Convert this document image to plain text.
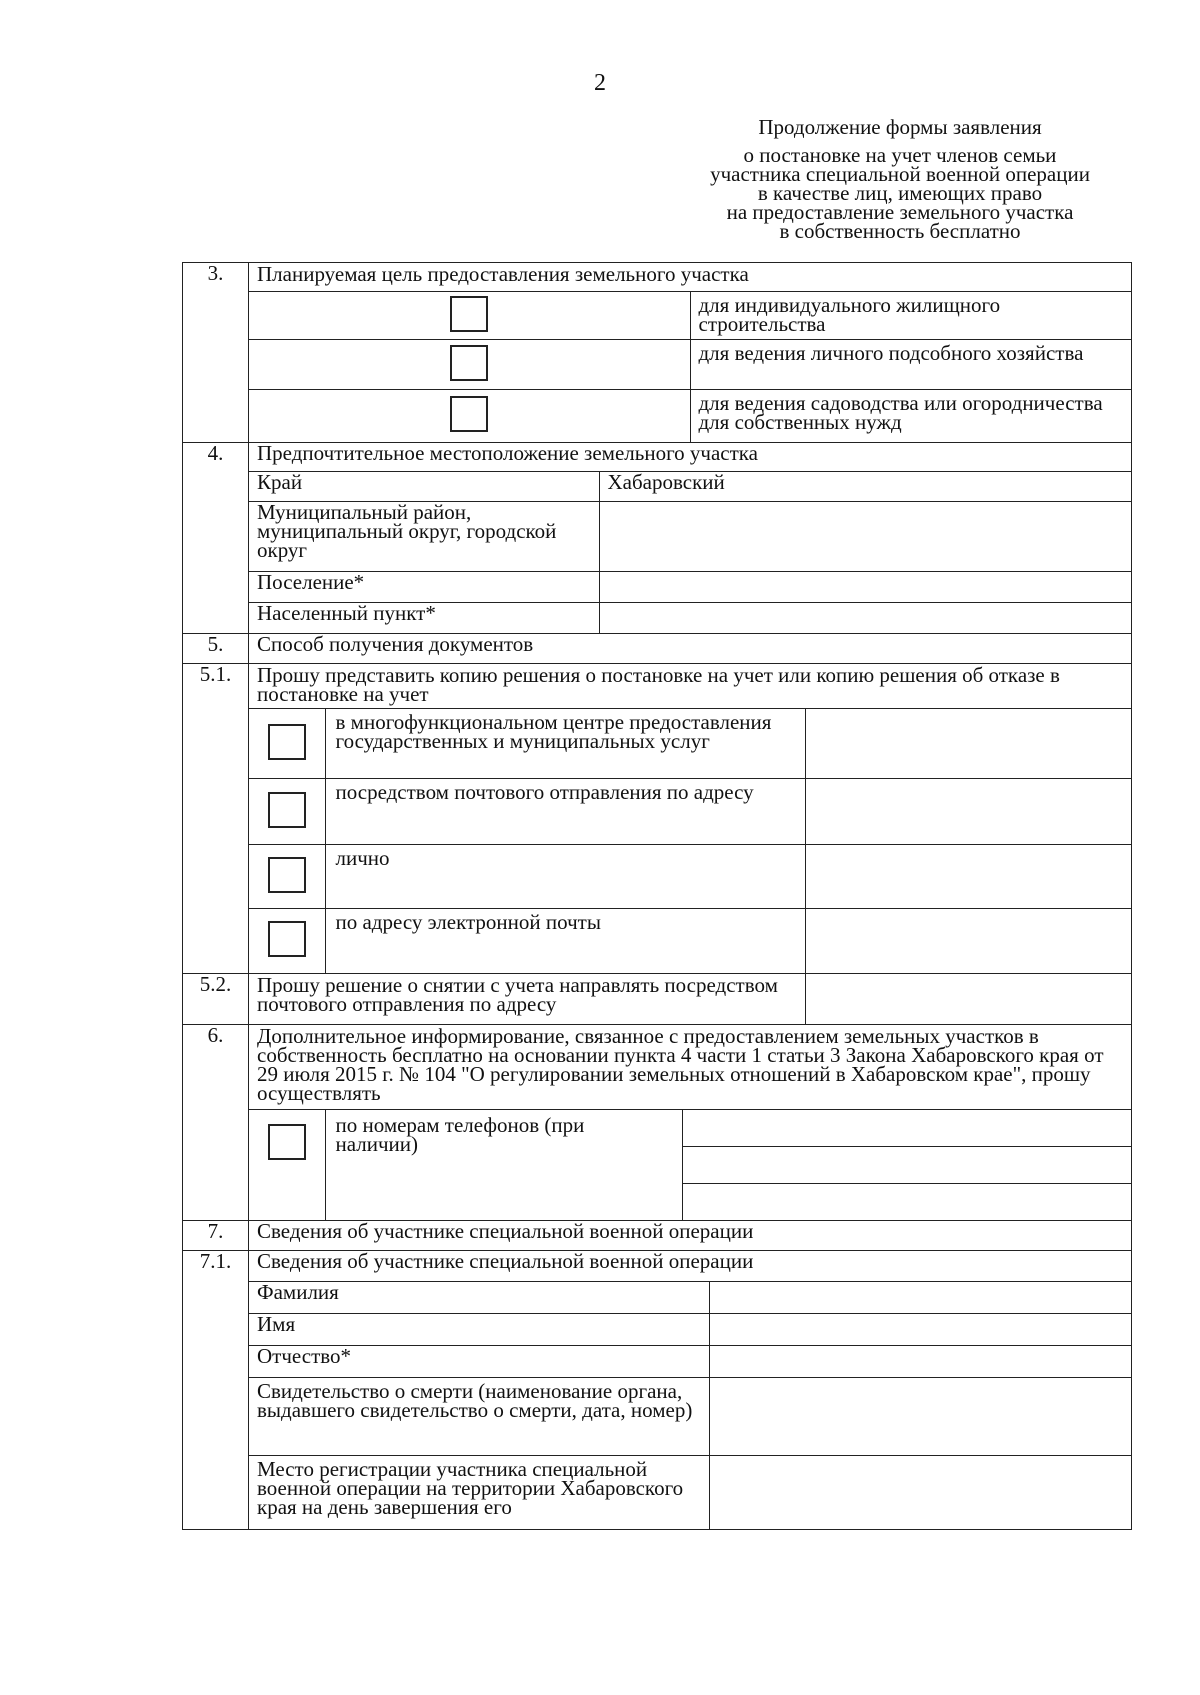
2
Продолжение формы заявления
о постановке на учет членов семьи
участника специальной военной операции
в качестве лиц, имеющих право
на предоставление земельного участка
в собственность бесплатно
3.	Планируемая цель предоставления земельного участка
	для индивидуального жилищного строительства
	для ведения личного подсобного хозяйства
	для ведения садоводства или огородничества для собственных нужд

4.	Предпочтительное местоположение земельного участка
Край	Хабаровский
Муниципальный район, муниципальный округ, городской округ	
Поселение*	
Населенный пункт*	

5.	Способ получения документов
5.1.	Прошу представить копию решения о постановке на учет или копию решения об отказе в постановке на учет
	в многофункциональном центре предоставления государственных и муниципальных услуг	
	посредством почтового отправления по адресу	
	лично	
	по адресу электронной почты	

5.2.	Прошу решение о снятии с учета направлять посредством почтового отправления по адресу	

6.	Дополнительное информирование, связанное с предоставлением земельных участков в собственность бесплатно на основании пункта 4 части 1 статьи 3 Закона Хабаровского края от 29 июля 2015 г. № 104 "О регулировании земельных отношений в Хабаровском крае", прошу осуществлять
	по номерам телефонов (при наличии)	

7.	Сведения об участнике специальной военной операции
7.1.	Сведения об участнике специальной военной операции
Фамилия	
Имя	
Отчество*	
Свидетельство о смерти (наименование органа, выдавшего свидетельство о смерти, дата, номер)	
Место регистрации участника специальной военной операции на территории Хабаровского края на день завершения его	
